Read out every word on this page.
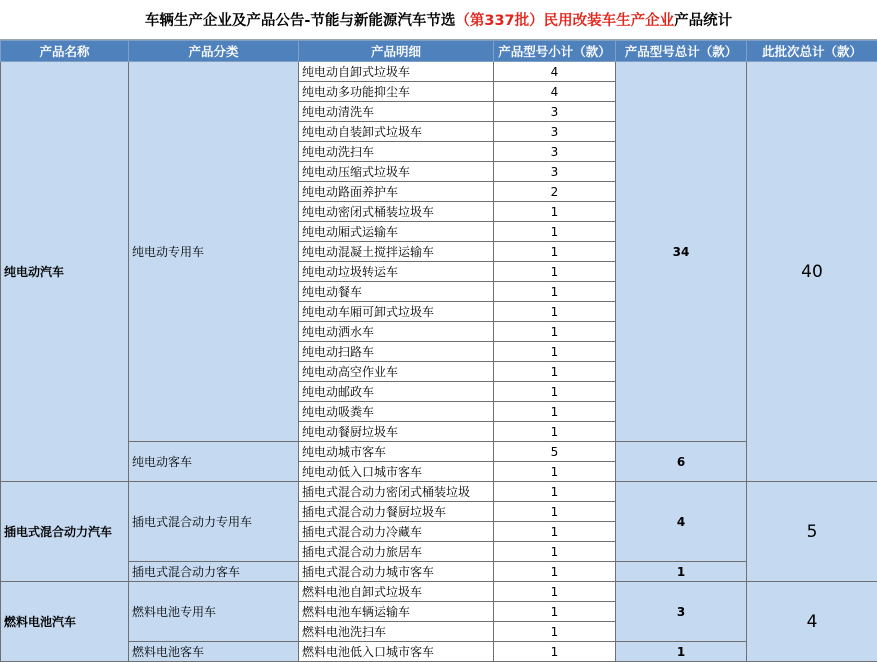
车辆生产企业及产品公告-节能与新能源汽车节选 （第337批）民用改装车生产企业 产品统计
产品名称	产品分类	产品明细	产品型号小计（款）	产品型号总计（款）	此批次总计（款）
纯电动汽车	纯电动专用车	纯电动自卸式垃圾车	4	34	40
		纯电动多功能抑尘车	4		
		纯电动清洗车	3		
		纯电动自装卸式垃圾车	3		
		纯电动洗扫车	3		
		纯电动压缩式垃圾车	3		
		纯电动路面养护车	2		
		纯电动密闭式桶装垃圾车	1		
		纯电动厢式运输车	1		
		纯电动混凝土搅拌运输车	1		
		纯电动垃圾转运车	1		
		纯电动餐车	1		
		纯电动车厢可卸式垃圾车	1		
		纯电动洒水车	1		
		纯电动扫路车	1		
		纯电动高空作业车	1		
		纯电动邮政车	1		
		纯电动吸粪车	1		
		纯电动餐厨垃圾车	1		
	纯电动客车	纯电动城市客车	5	6	
		纯电动低入口城市客车	1		
插电式混合动力汽车	插电式混合动力专用车	插电式混合动力密闭式桶装垃圾	1	4	5
		插电式混合动力餐厨垃圾车	1		
		插电式混合动力冷藏车	1		
		插电式混合动力旅居车	1		
	插电式混合动力客车	插电式混合动力城市客车	1	1	
燃料电池汽车	燃料电池专用车	燃料电池自卸式垃圾车	1	3	4
		燃料电池车辆运输车	1		
		燃料电池洗扫车	1		
	燃料电池客车	燃料电池低入口城市客车	1	1	
